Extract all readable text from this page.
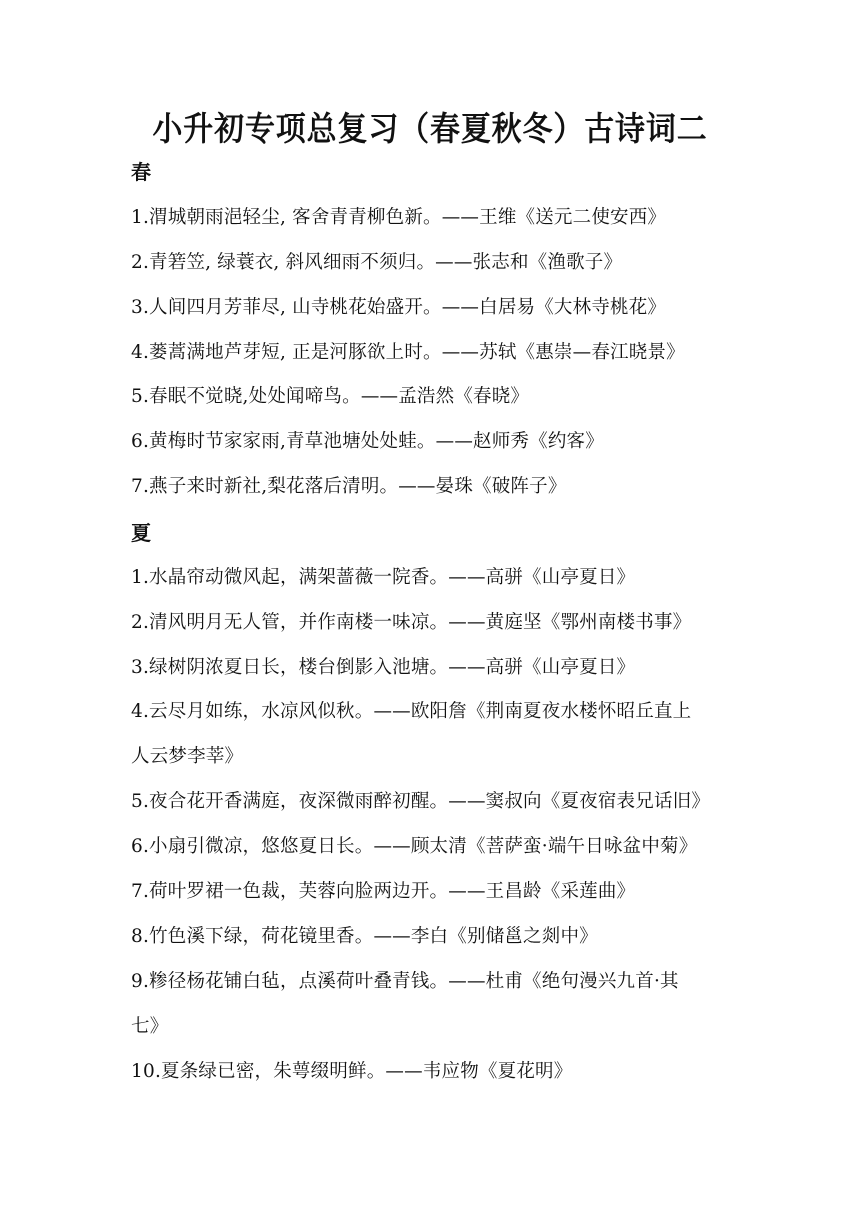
小升初专项总复习（春夏秋冬）古诗词二
春
1.渭城朝雨浥轻尘, 客舍青青柳色新。——王维《送元二使安西》
2.青箬笠, 绿蓑衣, 斜风细雨不须归。——张志和《渔歌子》
3.人间四月芳菲尽, 山寺桃花始盛开。——白居易《大林寺桃花》
4.蒌蒿满地芦芽短, 正是河豚欲上时。——苏轼《惠崇—春江晓景》
5.春眠不觉晓,处处闻啼鸟。——孟浩然《春晓》
6.黄梅时节家家雨,青草池塘处处蛙。——赵师秀《约客》
7.燕子来时新社,梨花落后清明。——晏珠《破阵子》
夏
1.水晶帘动微风起，满架蔷薇一院香。——高骈《山亭夏日》
2.清风明月无人管，并作南楼一味凉。——黄庭坚《鄂州南楼书事》
3.绿树阴浓夏日长，楼台倒影入池塘。——高骈《山亭夏日》
4.云尽月如练，水凉风似秋。——欧阳詹《荆南夏夜水楼怀昭丘直上
人云梦李莘》
5.夜合花开香满庭，夜深微雨醉初醒。——窦叔向《夏夜宿表兄话旧》
6.小扇引微凉，悠悠夏日长。——顾太清《菩萨蛮·端午日咏盆中菊》
7.荷叶罗裙一色裁，芙蓉向脸两边开。——王昌龄《采莲曲》
8.竹色溪下绿，荷花镜里香。——李白《别储邕之剡中》
9.糁径杨花铺白毡，点溪荷叶叠青钱。——杜甫《绝句漫兴九首·其
七》
10.夏条绿已密，朱萼缀明鲜。——韦应物《夏花明》
